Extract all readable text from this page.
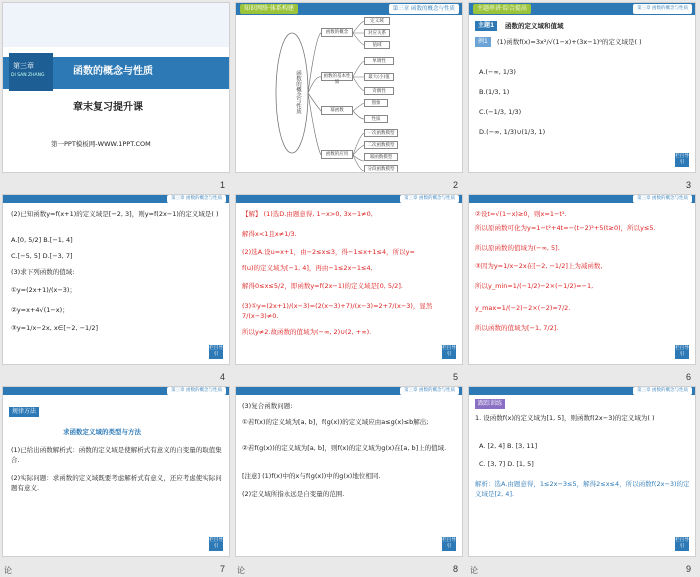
第三章
DI SAN ZHANG	函数的概念与性质
章末复习提升课
第一PPT模板网-WWW.1PPT.COM
1
知识网络·体系构建	第三章 函数的概念与性质
函数的概念与性质
函数的概念
函数的基本性质
幂函数
函数的应用
定义域
对应关系
值域
单调性
最大(小)值
奇偶性
图象
性质
一次函数模型
二次函数模型
幂函数模型
分段函数模型
2
主题串讲·综合提高	第三章 函数的概念与性质
主题1	函数的定义域和值域
例1	(1)函数f(x)=3x²/√(1−x)+(3x−1)⁰的定义域是( )
A.(−∞, 1/3)
B.(1/3, 1)
C.(−1/3, 1/3)
D.(−∞, 1/3)∪(1/3, 1)
栏目导引
3
第三章 函数的概念与性质
(2)已知函数y=f(x+1)的定义域是[−2, 3]，则y=f(2x−1)的定义域是( )
A.[0, 5/2] B.[−1, 4]
C.[−5, 5] D.[−3, 7]
(3)求下列函数的值域:
①y=(2x+1)/(x−3)；
②y=x+4√(1−x)；
③y=1/x−2x, x∈[−2, −1/2]
栏目导引
4
第三章 函数的概念与性质
【解】 (1)选D.由题意得, 1−x>0, 3x−1≠0,
解得x<1且x≠1/3.
(2)选A.设u=x+1，由−2≤x≤3，得−1≤x+1≤4，所以y=
f(u)的定义域为[−1, 4]，再由−1≤2x−1≤4,
解得0≤x≤5/2，即函数y=f(2x−1)的定义域是[0, 5/2].
(3)①y=(2x+1)/(x−3)=(2(x−3)+7)/(x−3)=2+7/(x−3)，显然7/(x−3)≠0.
所以y≠2.故函数的值域为(−∞, 2)∪(2, +∞).
栏目导引
5
第三章 函数的概念与性质
②设t=√(1−x)≥0，则x=1−t².
所以原函数可化为y=1−t²+4t=−(t−2)²+5(t≥0)，所以y≤5.
所以原函数的值域为(−∞, 5].
③因为y=1/x−2x在[−2, −1/2]上为减函数,
所以y_min=1/(−1/2)−2×(−1/2)=−1,
y_max=1/(−2)−2×(−2)=7/2.
所以函数的值域为[−1, 7/2].
栏目导引
6
第三章 函数的概念与性质
规律方法
求函数定义域的类型与方法
(1)已给出函数解析式：函数的定义域是使解析式有意义的自变量的取值集合.
(2)实际问题：求函数的定义域既要考虑解析式有意义，还应考虑使实际问题有意义.
栏目导引
7
第三章 函数的概念与性质
(3)复合函数问题:
①若f(x)的定义域为[a, b]，f(g(x))的定义域应由a≤g(x)≤b解出;
②若f(g(x))的定义域为[a, b]，则f(x)的定义域为g(x)在[a, b]上的值域.
[注意] (1)f(x)中的x与f(g(x))中的g(x)地位相同.
(2)定义域所指永远是自变量的范围.
栏目导引
8
第三章 函数的概念与性质
跟踪训练
1. 设函数f(x)的定义域为[1, 5]，则函数f(2x−3)的定义域为( )
A. [2, 4] B. [3, 11]
C. [3, 7] D. [1, 5]
解析：选A.由题意得，1≤2x−3≤5，解得2≤x≤4，所以函数f(2x−3)的定义域是[2, 4].
栏目导引
9
论	论	论
